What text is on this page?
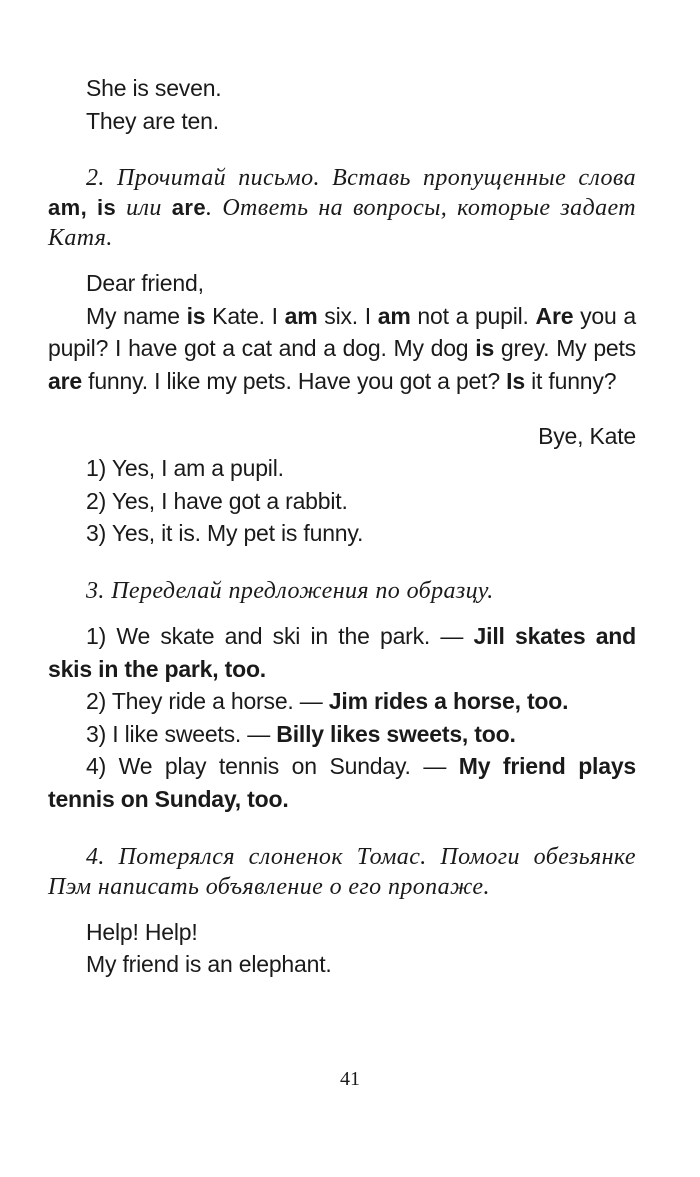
She is seven.

They are ten.

2. Прочитай письмо. Вставь пропущенные слова am, is или are. Ответь на вопросы, которые задает Катя.

Dear friend,

My name is Kate. I am six. I am not a pupil. Are you a pupil? I have got a cat and a dog. My dog is grey. My pets are funny. I like my pets. Have you got a pet? Is it funny?

Bye, Kate

1) Yes, I am a pupil.

2) Yes, I have got a rabbit.

3) Yes, it is. My pet is funny.

3. Переделай предложения по образцу.

1) We skate and ski in the park. — Jill skates and skis in the park, too.

2) They ride a horse. — Jim rides a horse, too.

3) I like sweets. — Billy likes sweets, too.

4) We play tennis on Sunday. — My friend plays tennis on Sunday, too.

4. Потерялся слоненок Томас. Помоги обезьянке Пэм написать объявление о его пропаже.

Help! Help!

My friend is an elephant.

41
